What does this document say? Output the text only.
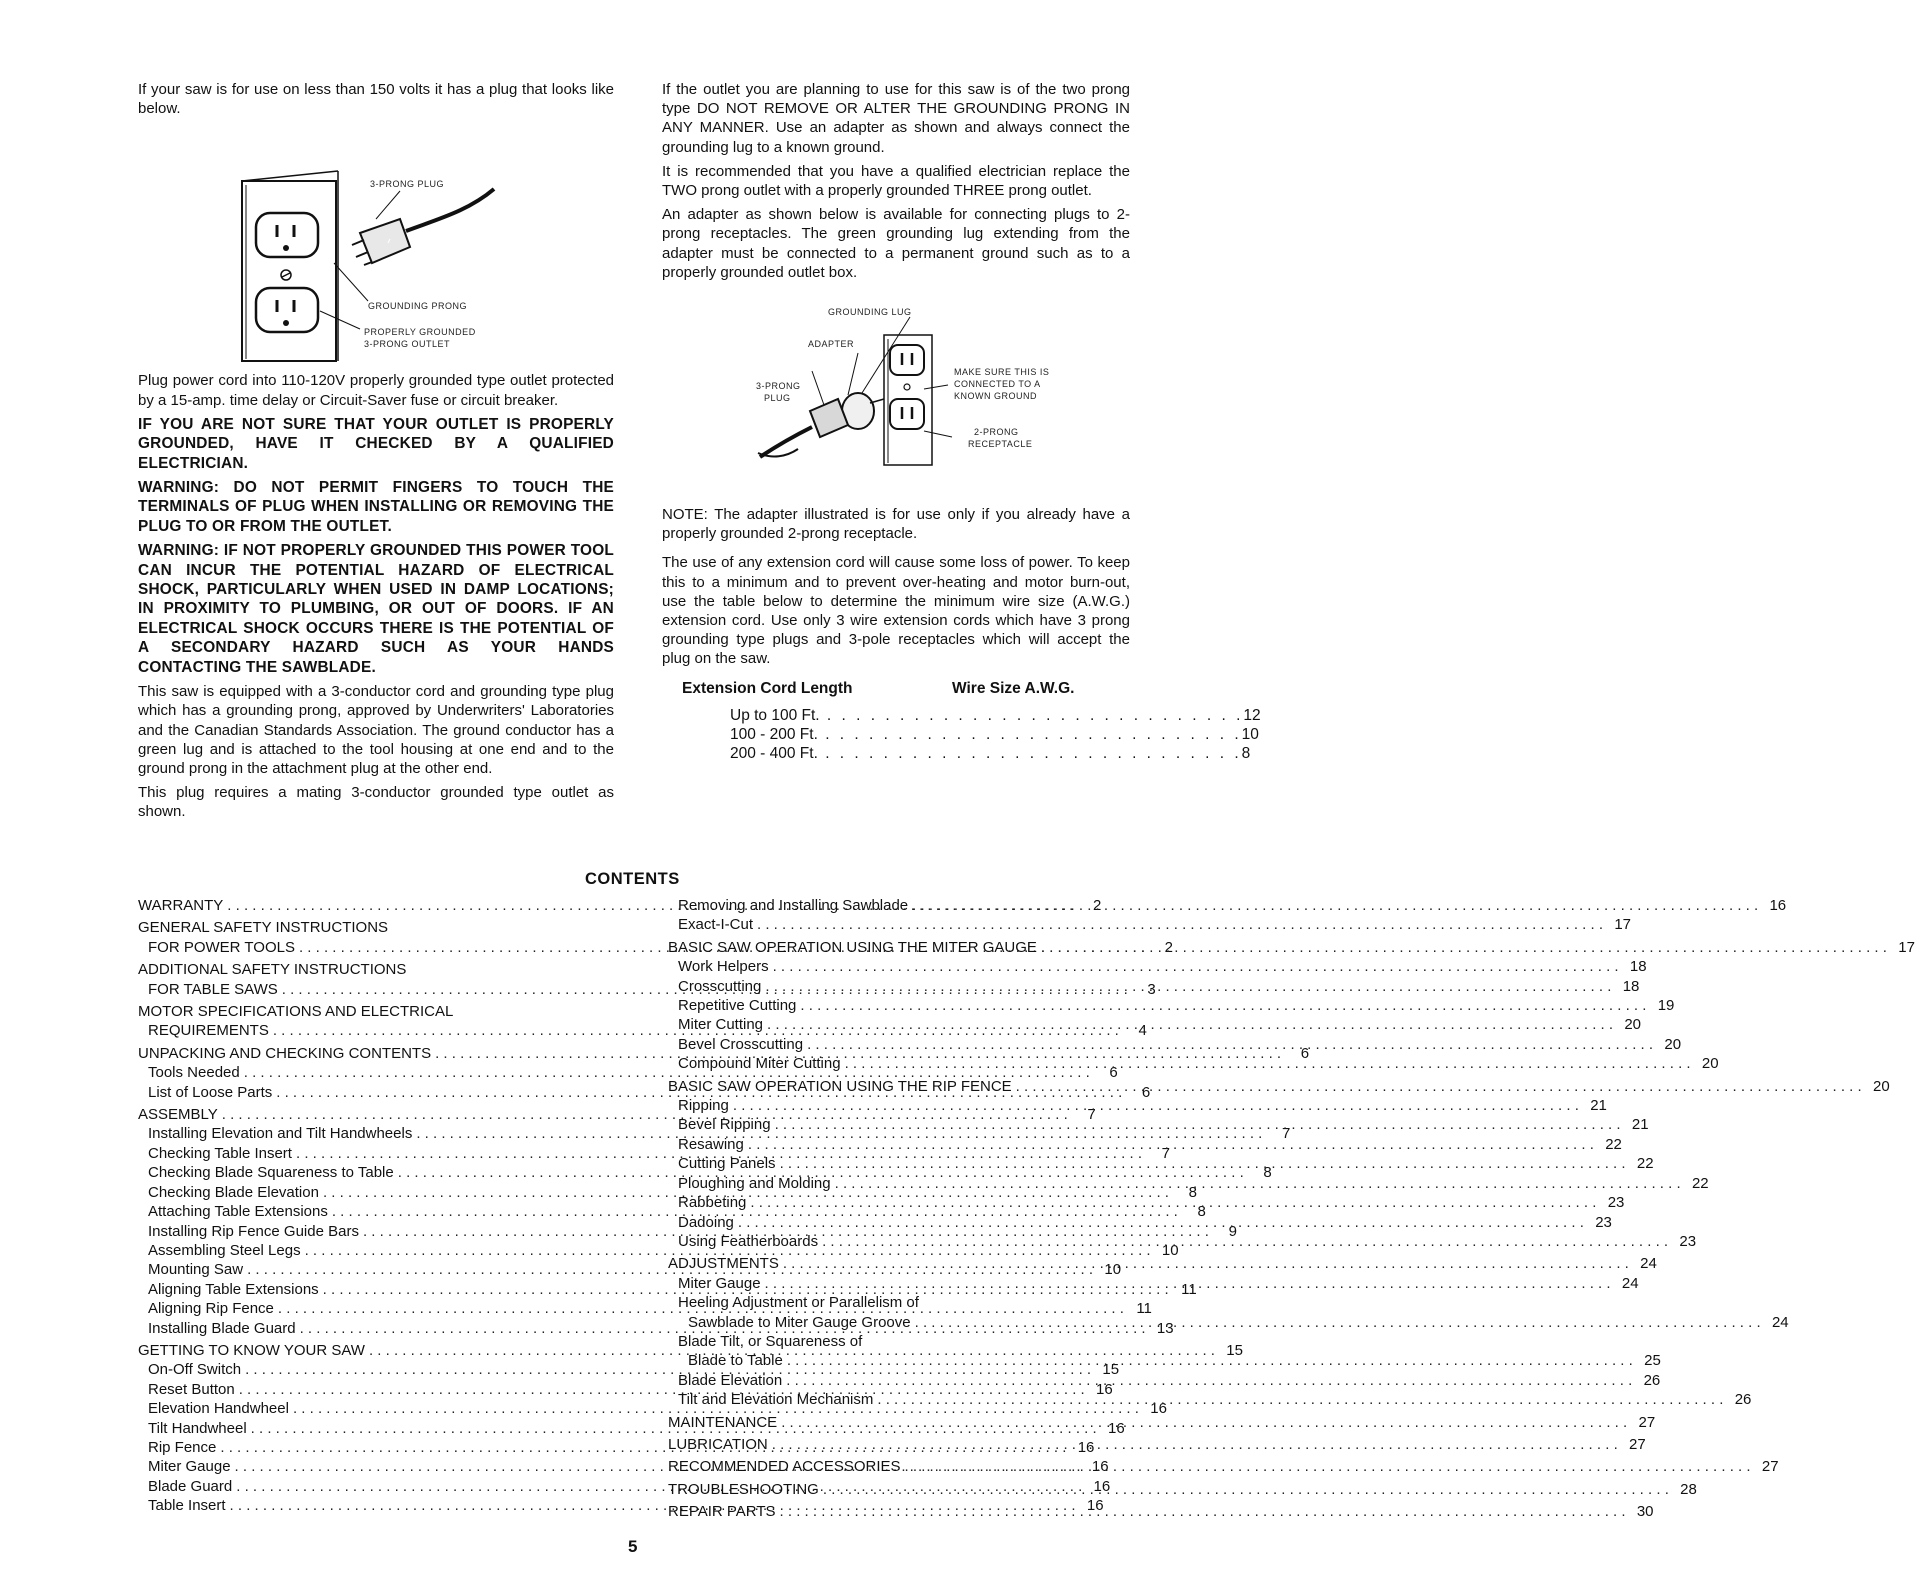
If your saw is for use on less than 150 volts it has a plug that looks like below.

3-PRONG PLUG
GROUNDING PRONG
PROPERLY GROUNDED
3-PRONG OUTLET

Plug power cord into 110-120V properly grounded type outlet protected by a 15-amp. time delay or Circuit-Saver fuse or circuit breaker.

IF YOU ARE NOT SURE THAT YOUR OUTLET IS PROPERLY GROUNDED, HAVE IT CHECKED BY A QUALIFIED ELECTRICIAN.

WARNING: DO NOT PERMIT FINGERS TO TOUCH THE TERMINALS OF PLUG WHEN INSTALLING OR REMOVING THE PLUG TO OR FROM THE OUTLET.

WARNING: IF NOT PROPERLY GROUNDED THIS POWER TOOL CAN INCUR THE POTENTIAL HAZARD OF ELECTRICAL SHOCK, PARTICULARLY WHEN USED IN DAMP LOCATIONS; IN PROXIMITY TO PLUMBING, OR OUT OF DOORS. IF AN ELECTRICAL SHOCK OCCURS THERE IS THE POTENTIAL OF A SECONDARY HAZARD SUCH AS YOUR HANDS CONTACTING THE SAWBLADE.

This saw is equipped with a 3-conductor cord and grounding type plug which has a grounding prong, approved by Underwriters' Laboratories and the Canadian Standards Association. The ground conductor has a green lug and is attached to the tool housing at one end and to the ground prong in the attachment plug at the other end.

This plug requires a mating 3-conductor grounded type outlet as shown.

If the outlet you are planning to use for this saw is of the two prong type DO NOT REMOVE OR ALTER THE GROUNDING PRONG IN ANY MANNER. Use an adapter as shown and always connect the grounding lug to a known ground.

It is recommended that you have a qualified electrician replace the TWO prong outlet with a properly grounded THREE prong outlet.

An adapter as shown below is available for connecting plugs to 2-prong receptacles. The green grounding lug extending from the adapter must be connected to a permanent ground such as to a properly grounded outlet box.

GROUNDING LUG
ADAPTER
3-PRONG
PLUG
MAKE SURE THIS IS
CONNECTED TO A
KNOWN GROUND
2-PRONG
RECEPTACLE

NOTE: The adapter illustrated is for use only if you already have a properly grounded 2-prong receptacle.

The use of any extension cord will cause some loss of power. To keep this to a minimum and to prevent over-heating and motor burn-out, use the table below to determine the minimum wire size (A.W.G.) extension cord. Use only 3 wire extension cords which have 3 prong grounding type plugs and 3-pole receptacles which will accept the plug on the saw.

Extension Cord Length	Wire Size A.W.G.
Up to 100 Ft. . . . . . . . . . . . . . . . . . . . . . . . . . . . . . 12
100 - 200 Ft. . . . . . . . . . . . . . . . . . . . . . . . . . . . . . 10
200 - 400 Ft. . . . . . . . . . . . . . . . . . . . . . . . . . . . . . 8
CONTENTS
WARRANTY . . .	2
GENERAL SAFETY INSTRUCTIONS
FOR POWER TOOLS . . .	2
ADDITIONAL SAFETY INSTRUCTIONS
FOR TABLE SAWS . . .	3
MOTOR SPECIFICATIONS AND ELECTRICAL
REQUIREMENTS . . .	4
UNPACKING AND CHECKING CONTENTS . . .	6
Tools Needed . . .	6
List of Loose Parts . . .	6
ASSEMBLY . . .	7
Installing Elevation and Tilt Handwheels . . .	7
Checking Table Insert . . .	7
Checking Blade Squareness to Table . . .	8
Checking Blade Elevation . . .	8
Attaching Table Extensions . . .	8
Installing Rip Fence Guide Bars . . .	9
Assembling Steel Legs . . .	10
Mounting Saw . . .	10
Aligning Table Extensions . . .	11
Aligning Rip Fence . . .	11
Installing Blade Guard . . .	13
GETTING TO KNOW YOUR SAW . . .	15
On-Off Switch . . .	15
Reset Button . . .	16
Elevation Handwheel . . .	16
Tilt Handwheel . . .	16
Rip Fence . . .	16
Miter Gauge . . .	16
Blade Guard . . .	16
Table Insert . . .	16
Removing and Installing Sawblade . . .	16
Exact-I-Cut . . .	17
BASIC SAW OPERATION USING THE MITER GAUGE . . .	17
Work Helpers . . .	18
Crosscutting . . .	18
Repetitive Cutting . . .	19
Miter Cutting . . .	20
Bevel Crosscutting . . .	20
Compound Miter Cutting . . .	20
BASIC SAW OPERATION USING THE RIP FENCE . . .	20
Ripping . . .	21
Bevel Ripping . . .	21
Resawing . . .	22
Cutting Panels . . .	22
Ploughing and Molding . . .	22
Rabbeting . . .	23
Dadoing . . .	23
Using Featherboards . . .	23
ADJUSTMENTS . . .	24
Miter Gauge . . .	24
Heeling Adjustment or Parallelism of
Sawblade to Miter Gauge Groove . . .	24
Blade Tilt, or Squareness of
Blade to Table . . .	25
Blade Elevation . . .	26
Tilt and Elevation Mechanism . . .	26
MAINTENANCE . . .	27
LUBRICATION . . .	27
RECOMMENDED ACCESSORIES . . .	27
TROUBLESHOOTING . . .	28
REPAIR PARTS . . .	30
5
